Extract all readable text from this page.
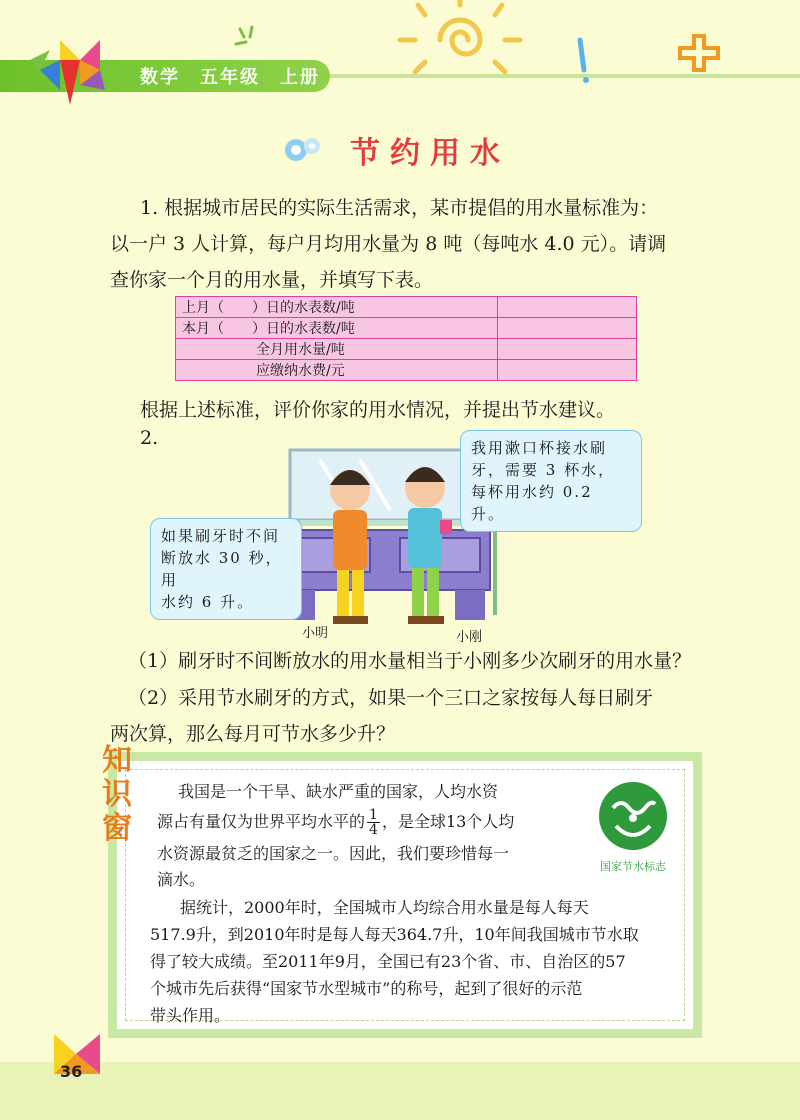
数学　五年级　上册
节约用水
1. 根据城市居民的实际生活需求，某市提倡的用水量标准为：
以一户 3 人计算，每户月均用水量为 8 吨（每吨水 4.0 元）。请调
查你家一个月的用水量，并填写下表。
上月（　　）日的水表数/吨	
本月（　　）日的水表数/吨	
全月用水量/吨	
应缴纳水费/元	
根据上述标准，评价你家的用水情况，并提出节水建议。
2.	我用漱口杯接水刷
牙，需要 3 杯水，
每杯用水约 0.2 升。
如果刷牙时不间
断放水 30 秒，用
水约 6 升。
小明	小刚
（1）刷牙时不间断放水的用水量相当于小刚多少次刷牙的用水量？
（2）采用节水刷牙的方式，如果一个三口之家按每人每日刷牙
两次算，那么每月可节水多少升？
知
识
窗
我国是一个干旱、缺水严重的国家，人均水资
源占有量仅为世界平均水平的 $\frac{1}{4}$ ，是全球13个人均
水资源最贫乏的国家之一。因此，我们要珍惜每一
滴水。
国家节水标志
据统计，2000年时，全国城市人均综合用水量是每人每天
517.9升，到2010年时是每人每天364.7升，10年间我国城市节水取
得了较大成绩。至2011年9月，全国已有23个省、市、自治区的57
个城市先后获得“国家节水型城市”的称号，起到了很好的示范
带头作用。
36
